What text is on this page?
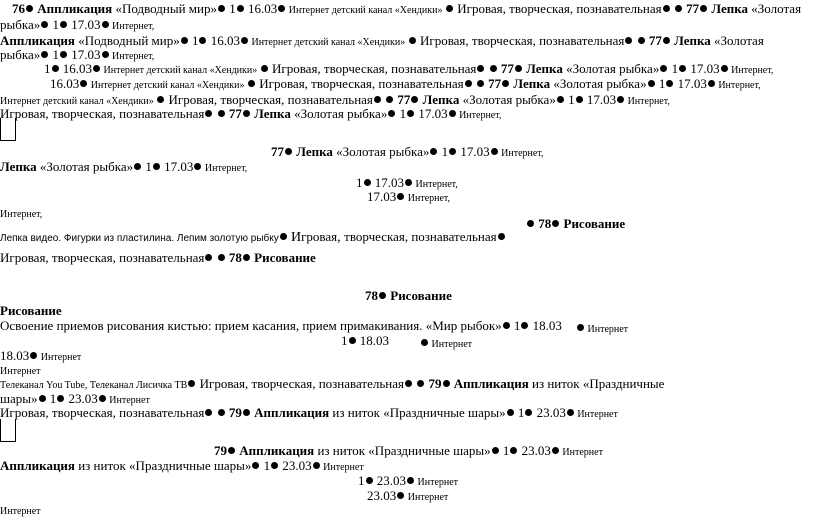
76 Аппликация «Подводный мир» 1 16.03 Интернет детский канал «Хендики»  Игровая, творческая, познавательная  77 Лепка «Золотая
рыбка» 1 17.03 Интернет,
Аппликация «Подводный мир» 1 16.03 Интернет детский канал «Хендики»  Игровая, творческая, познавательная  77 Лепка «Золотая
рыбка» 1 17.03 Интернет,
1 16.03 Интернет детский канал «Хендики»  Игровая, творческая, познавательная  77 Лепка «Золотая рыбка» 1 17.03 Интернет,
16.03 Интернет детский канал «Хендики»  Игровая, творческая, познавательная  77 Лепка «Золотая рыбка» 1 17.03 Интернет,
Интернет детский канал «Хендики»  Игровая, творческая, познавательная  77 Лепка «Золотая рыбка» 1 17.03 Интернет,
Игровая, творческая, познавательная  77 Лепка «Золотая рыбка» 1 17.03 Интернет,
77 Лепка «Золотая рыбка» 1 17.03 Интернет,
Лепка «Золотая рыбка» 1 17.03 Интернет,
1 17.03 Интернет,
17.03 Интернет,
Интернет,
78 Рисование
Лепка видео. Фигурки из пластилина. Лепим золотую рыбку Игровая, творческая, познавательная
Игровая, творческая, познавательная  78 Рисование
78 Рисование
Рисование
Освоение приемов рисования кистью: прием касания, прием примакивания. «Мир рыбок» 1 18.03	Интернет
1 18.03	Интернет
18.03 Интернет
Интернет
Телеканал You Tube, Телеканал Лисичка ТВ Игровая, творческая, познавательная  79 Аппликация из ниток «Праздничные
шары» 1 23.03 Интернет
Игровая, творческая, познавательная  79 Аппликация из ниток «Праздничные шары» 1 23.03 Интернет
79 Аппликация из ниток «Праздничные шары» 1 23.03 Интернет
Аппликация из ниток «Праздничные шары» 1 23.03 Интернет
1 23.03 Интернет
23.03 Интернет
Интернет
